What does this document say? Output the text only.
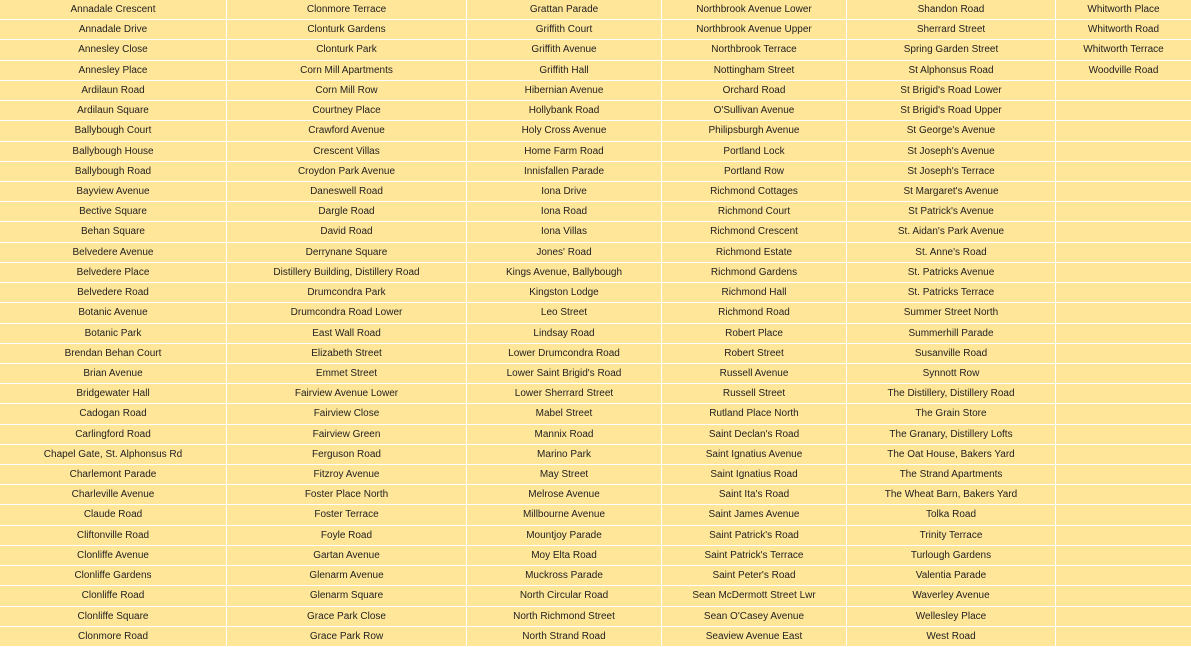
Annadale Crescent
Annadale Drive
Annesley Close
Annesley Place
Ardilaun Road
Ardilaun Square
Ballybough Court
Ballybough House
Ballybough Road
Bayview Avenue
Bective Square
Behan Square
Belvedere Avenue
Belvedere Place
Belvedere Road
Botanic Avenue
Botanic Park
Brendan Behan Court
Brian Avenue
Bridgewater Hall
Cadogan Road
Carlingford Road
Chapel Gate, St. Alphonsus Rd
Charlemont Parade
Charleville Avenue
Claude Road
Cliftonville Road
Clonliffe Avenue
Clonliffe Gardens
Clonliffe Road
Clonliffe Square
Clonmore Road
Clonmore Terrace
Clonturk Gardens
Clonturk Park
Corn Mill Apartments
Corn Mill Row
Courtney Place
Crawford Avenue
Crescent Villas
Croydon Park Avenue
Daneswell Road
Dargle Road
David Road
Derrynane Square
Distillery Building, Distillery Road
Drumcondra Park
Drumcondra Road Lower
East Wall Road
Elizabeth Street
Emmet Street
Fairview Avenue Lower
Fairview Close
Fairview Green
Ferguson Road
Fitzroy Avenue
Foster Place North
Foster Terrace
Foyle Road
Gartan Avenue
Glenarm Avenue
Glenarm Square
Grace Park Close
Grace Park Row
Grattan Parade
Griffith Court
Griffith Avenue
Griffith Hall
Hibernian Avenue
Hollybank Road
Holy Cross Avenue
Home Farm Road
Innisfallen Parade
Iona Drive
Iona Road
Iona Villas
Jones' Road
Kings Avenue, Ballybough
Kingston Lodge
Leo Street
Lindsay Road
Lower Drumcondra Road
Lower Saint Brigid's Road
Lower Sherrard Street
Mabel Street
Mannix Road
Marino Park
May Street
Melrose Avenue
Millbourne Avenue
Mountjoy Parade
Moy Elta Road
Muckross Parade
North Circular Road
North Richmond Street
North Strand Road
Northbrook Avenue Lower
Northbrook Avenue Upper
Northbrook Terrace
Nottingham Street
Orchard Road
O'Sullivan Avenue
Philipsburgh Avenue
Portland Lock
Portland Row
Richmond Cottages
Richmond Court
Richmond Crescent
Richmond Estate
Richmond Gardens
Richmond Hall
Richmond Road
Robert Place
Robert Street
Russell Avenue
Russell Street
Rutland Place North
Saint Declan's Road
Saint Ignatius Avenue
Saint Ignatius Road
Saint Ita's Road
Saint James Avenue
Saint Patrick's Road
Saint Patrick's Terrace
Saint Peter's Road
Sean McDermott Street Lwr
Sean O'Casey Avenue
Seaview Avenue East
Shandon Road
Sherrard Street
Spring Garden Street
St Alphonsus Road
St Brigid's Road Lower
St Brigid's Road Upper
St George's Avenue
St Joseph's Avenue
St Joseph's Terrace
St Margaret's Avenue
St Patrick's Avenue
St. Aidan's Park Avenue
St. Anne's Road
St. Patricks Avenue
St. Patricks Terrace
Summer Street North
Summerhill Parade
Susanville Road
Synnott Row
The Distillery, Distillery Road
The Grain Store
The Granary, Distillery Lofts
The Oat House, Bakers Yard
The Strand Apartments
The Wheat Barn, Bakers Yard
Tolka Road
Trinity Terrace
Turlough Gardens
Valentia Parade
Waverley Avenue
Wellesley Place
West Road
Whitworth Place
Whitworth Road
Whitworth Terrace
Woodville Road
